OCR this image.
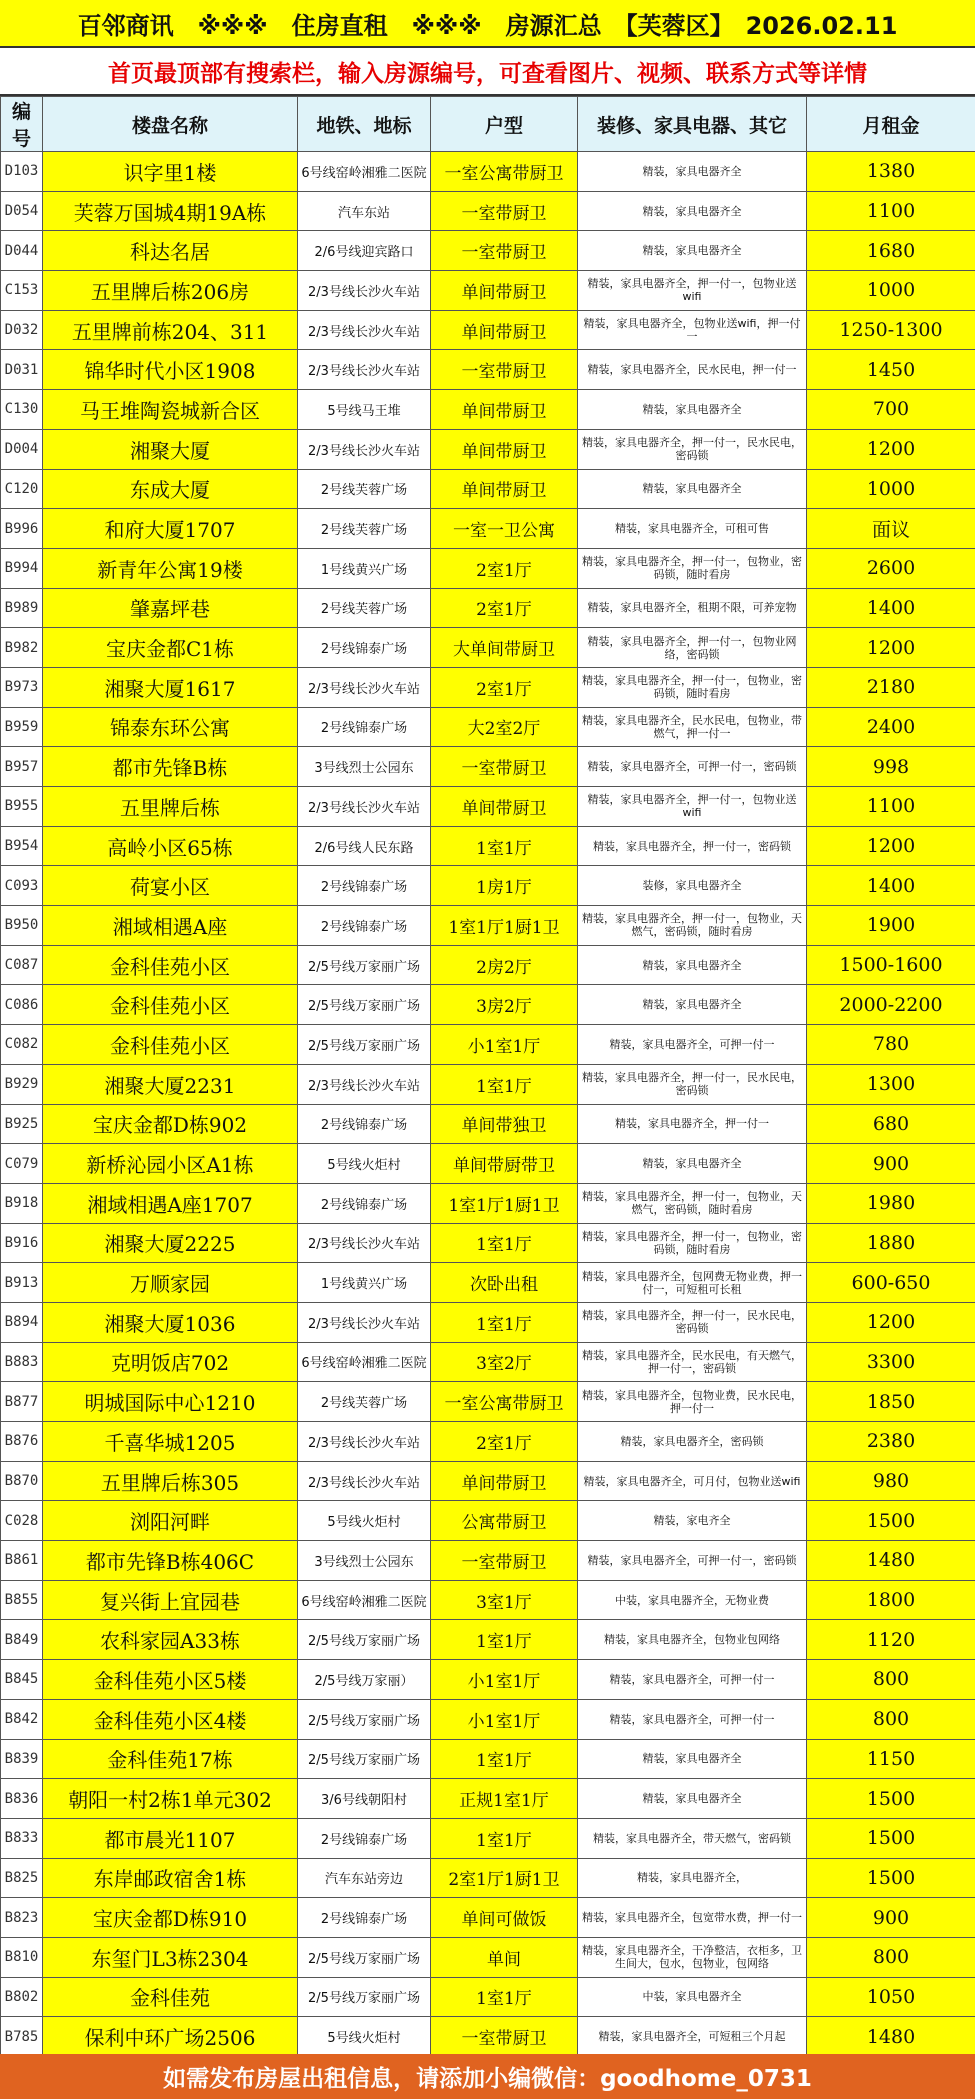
百邻商讯　※※※　住房直租　※※※　房源汇总　【芙蓉区】　2026.02.11
首页最顶部有搜索栏，输入房源编号，可查看图片、视频、联系方式等详情
编号	楼盘名称	地铁、地标	户型	装修、家具电器、其它	月租金
D103	识字里1楼	6号线窑岭湘雅二医院	一室公寓带厨卫	精装，家具电器齐全	1380
D054	芙蓉万国城4期19A栋	汽车东站	一室带厨卫	精装，家具电器齐全	1100
D044	科达名居	2/6号线迎宾路口	一室带厨卫	精装，家具电器齐全	1680
C153	五里牌后栋206房	2/3号线长沙火车站	单间带厨卫	精装，家具电器齐全，押一付一，包物业送wifi	1000
D032	五里牌前栋204、311	2/3号线长沙火车站	单间带厨卫	精装，家具电器齐全，包物业送wifi，押一付一	1250-1300
D031	锦华时代小区1908	2/3号线长沙火车站	一室带厨卫	精装，家具电器齐全，民水民电，押一付一	1450
C130	马王堆陶瓷城新合区	5号线马王堆	单间带厨卫	精装，家具电器齐全	700
D004	湘聚大厦	2/3号线长沙火车站	单间带厨卫	精装，家具电器齐全，押一付一，民水民电，密码锁	1200
C120	东成大厦	2号线芙蓉广场	单间带厨卫	精装，家具电器齐全	1000
B996	和府大厦1707	2号线芙蓉广场	一室一卫公寓	精装，家具电器齐全，可租可售	面议
B994	新青年公寓19楼	1号线黄兴广场	2室1厅	精装，家具电器齐全，押一付一，包物业，密码锁，随时看房	2600
B989	肇嘉坪巷	2号线芙蓉广场	2室1厅	精装，家具电器齐全，租期不限，可养宠物	1400
B982	宝庆金都C1栋	2号线锦泰广场	大单间带厨卫	精装，家具电器齐全，押一付一，包物业网络，密码锁	1200
B973	湘聚大厦1617	2/3号线长沙火车站	2室1厅	精装，家具电器齐全，押一付一，包物业，密码锁，随时看房	2180
B959	锦泰东环公寓	2号线锦泰广场	大2室2厅	精装，家具电器齐全，民水民电，包物业，带燃气，押一付一	2400
B957	都市先锋B栋	3号线烈士公园东	一室带厨卫	精装，家具电器齐全，可押一付一，密码锁	998
B955	五里牌后栋	2/3号线长沙火车站	单间带厨卫	精装，家具电器齐全，押一付一，包物业送wifi	1100
B954	高岭小区65栋	2/6号线人民东路	1室1厅	精装，家具电器齐全，押一付一，密码锁	1200
C093	荷宴小区	2号线锦泰广场	1房1厅	装修，家具电器齐全	1400
B950	湘域相遇A座	2号线锦泰广场	1室1厅1厨1卫	精装，家具电器齐全，押一付一，包物业，天燃气，密码锁，随时看房	1900
C087	金科佳苑小区	2/5号线万家丽广场	2房2厅	精装，家具电器齐全	1500-1600
C086	金科佳苑小区	2/5号线万家丽广场	3房2厅	精装，家具电器齐全	2000-2200
C082	金科佳苑小区	2/5号线万家丽广场	小1室1厅	精装，家具电器齐全，可押一付一	780
B929	湘聚大厦2231	2/3号线长沙火车站	1室1厅	精装，家具电器齐全，押一付一，民水民电，密码锁	1300
B925	宝庆金都D栋902	2号线锦泰广场	单间带独卫	精装，家具电器齐全，押一付一	680
C079	新桥沁园小区A1栋	5号线火炬村	单间带厨带卫	精装，家具电器齐全	900
B918	湘域相遇A座1707	2号线锦泰广场	1室1厅1厨1卫	精装，家具电器齐全，押一付一，包物业，天燃气，密码锁，随时看房	1980
B916	湘聚大厦2225	2/3号线长沙火车站	1室1厅	精装，家具电器齐全，押一付一，包物业，密码锁，随时看房	1880
B913	万顺家园	1号线黄兴广场	次卧出租	精装，家具电器齐全，包网费无物业费，押一付一，可短租可长租	600-650
B894	湘聚大厦1036	2/3号线长沙火车站	1室1厅	精装，家具电器齐全，押一付一，民水民电，密码锁	1200
B883	克明饭店702	6号线窑岭湘雅二医院	3室2厅	精装，家具电器齐全，民水民电，有天燃气，押一付一，密码锁	3300
B877	明城国际中心1210	2号线芙蓉广场	一室公寓带厨卫	精装，家具电器齐全，包物业费，民水民电，押一付一	1850
B876	千喜华城1205	2/3号线长沙火车站	2室1厅	精装，家具电器齐全，密码锁	2380
B870	五里牌后栋305	2/3号线长沙火车站	单间带厨卫	精装，家具电器齐全，可月付，包物业送wifi	980
C028	浏阳河畔	5号线火炬村	公寓带厨卫	精装，家电齐全	1500
B861	都市先锋B栋406C	3号线烈士公园东	一室带厨卫	精装，家具电器齐全，可押一付一，密码锁	1480
B855	复兴街上宜园巷	6号线窑岭湘雅二医院	3室1厅	中装，家具电器齐全，无物业费	1800
B849	农科家园A33栋	2/5号线万家丽广场	1室1厅	精装，家具电器齐全，包物业包网络	1120
B845	金科佳苑小区5楼	2/5号线万家丽）	小1室1厅	精装，家具电器齐全，可押一付一	800
B842	金科佳苑小区4楼	2/5号线万家丽广场	小1室1厅	精装，家具电器齐全，可押一付一	800
B839	金科佳苑17栋	2/5号线万家丽广场	1室1厅	精装，家具电器齐全	1150
B836	朝阳一村2栋1单元302	3/6号线朝阳村	正规1室1厅	精装，家具电器齐全	1500
B833	都市晨光1107	2号线锦泰广场	1室1厅	精装，家具电器齐全，带天燃气，密码锁	1500
B825	东岸邮政宿舍1栋	汽车东站旁边	2室1厅1厨1卫	精装，家具电器齐全，	1500
B823	宝庆金都D栋910	2号线锦泰广场	单间可做饭	精装，家具电器齐全，包宽带水费，押一付一	900
B810	东玺门L3栋2304	2/5号线万家丽广场	单间	精装，家具电器齐全，干净整洁，衣柜多，卫生间大，包水，包物业，包网络	800
B802	金科佳苑	2/5号线万家丽广场	1室1厅	中装，家具电器齐全	1050
B785	保利中环广场2506	5号线火炬村	一室带厨卫	精装，家具电器齐全，可短租三个月起	1480
如需发布房屋出租信息，请添加小编微信：goodhome_0731
